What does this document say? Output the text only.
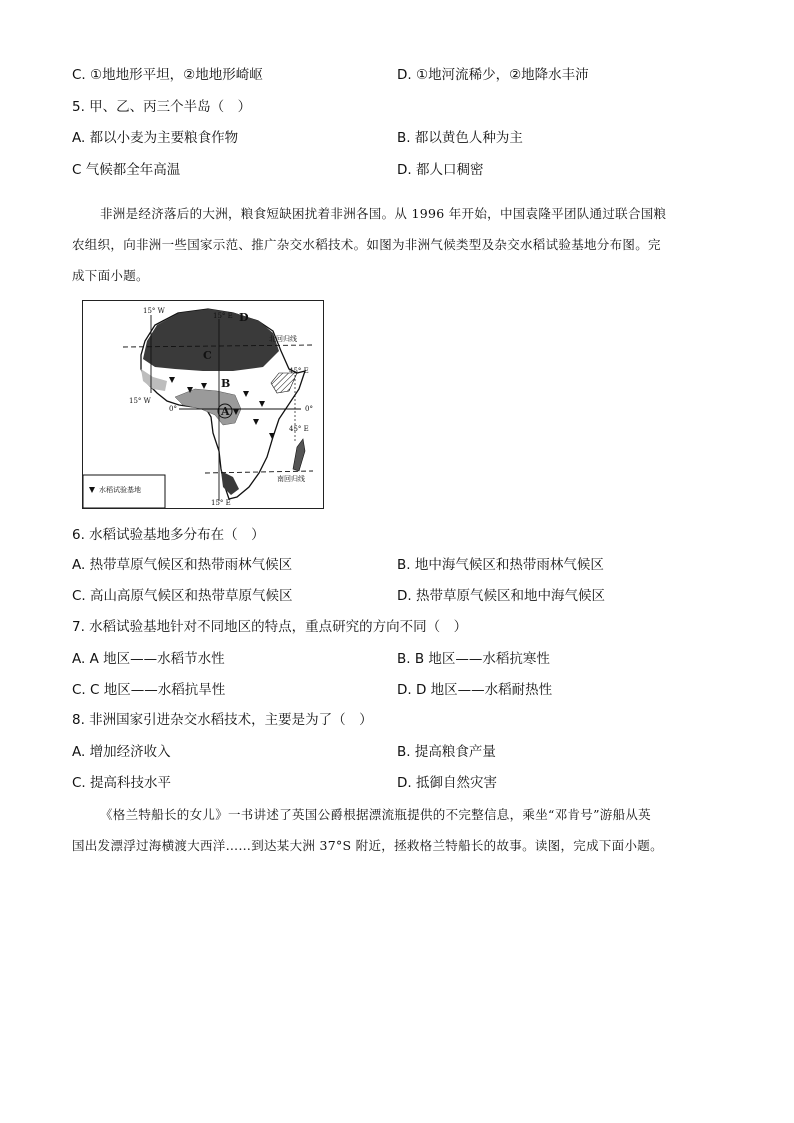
C. ①地地形平坦，②地地形崎岖	D. ①地河流稀少，②地降水丰沛
5. 甲、乙、丙三个半岛（　）
A. 都以小麦为主要粮食作物	B. 都以黄色人种为主
C 气候都全年高温	D. 都人口稠密
非洲是经济落后的大洲，粮食短缺困扰着非洲各国。从 1996 年开始，中国袁隆平团队通过联合国粮
农组织，向非洲一些国家示范、推广杂交水稻技术。如图为非洲气候类型及杂交水稻试验基地分布图。完
成下面小题。
15° W
15° E D
北回归线
C
B
45° E
15° W
0°	A	0°
45° E
南回归线
15° E
水稻试验基地
6. 水稻试验基地多分布在（　）
A. 热带草原气候区和热带雨林气候区	B. 地中海气候区和热带雨林气候区
C. 高山高原气候区和热带草原气候区	D. 热带草原气候区和地中海气候区
7. 水稻试验基地针对不同地区的特点，重点研究的方向不同（　）
A. A 地区——水稻节水性	B. B 地区——水稻抗寒性
C. C 地区——水稻抗旱性	D. D 地区——水稻耐热性
8. 非洲国家引进杂交水稻技术，主要是为了（　）
A. 增加经济收入	B. 提高粮食产量
C. 提高科技水平	D. 抵御自然灾害
《格兰特船长的女儿》一书讲述了英国公爵根据漂流瓶提供的不完整信息，乘坐“邓肯号”游船从英
国出发漂浮过海横渡大西洋……到达某大洲 37°S 附近，拯救格兰特船长的故事。读图，完成下面小题。
